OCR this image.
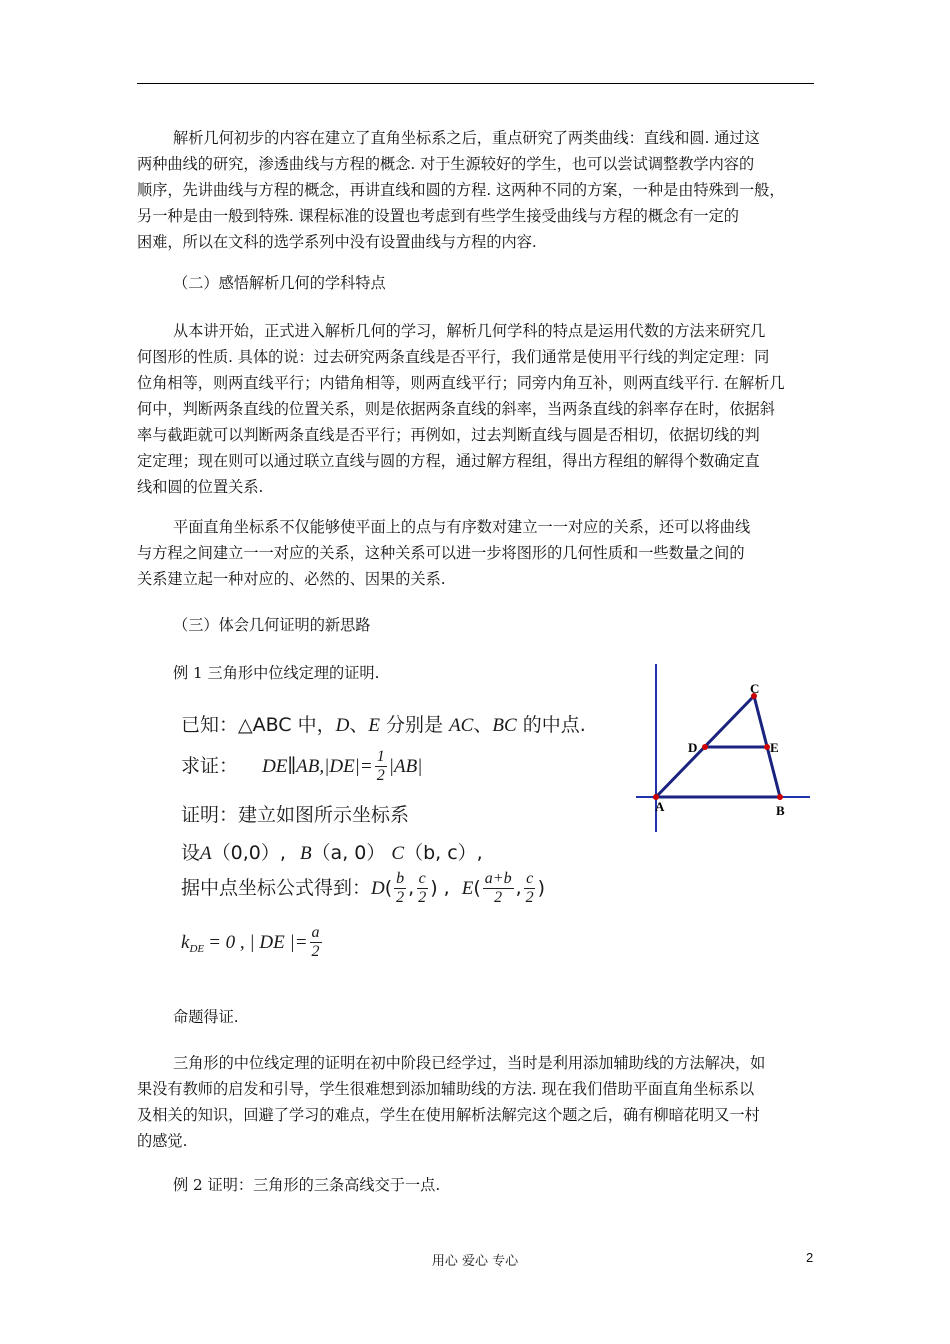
解析几何初步的内容在建立了直角坐标系之后，重点研究了两类曲线：直线和圆. 通过这
两种曲线的研究，渗透曲线与方程的概念. 对于生源较好的学生，也可以尝试调整教学内容的
顺序，先讲曲线与方程的概念，再讲直线和圆的方程. 这两种不同的方案，一种是由特殊到一般，
另一种是由一般到特殊. 课程标准的设置也考虑到有些学生接受曲线与方程的概念有一定的
困难，所以在文科的选学系列中没有设置曲线与方程的内容.
（二）感悟解析几何的学科特点
从本讲开始，正式进入解析几何的学习，解析几何学科的特点是运用代数的方法来研究几
何图形的性质. 具体的说：过去研究两条直线是否平行，我们通常是使用平行线的判定定理：同
位角相等，则两直线平行；内错角相等，则两直线平行；同旁内角互补，则两直线平行. 在解析几
何中，判断两条直线的位置关系，则是依据两条直线的斜率，当两条直线的斜率存在时，依据斜
率与截距就可以判断两条直线是否平行；再例如，过去判断直线与圆是否相切，依据切线的判
定定理；现在则可以通过联立直线与圆的方程，通过解方程组，得出方程组的解得个数确定直
线和圆的位置关系.
平面直角坐标系不仅能够使平面上的点与有序数对建立一一对应的关系，还可以将曲线
与方程之间建立一一对应的关系，这种关系可以进一步将图形的几何性质和一些数量之间的
关系建立起一种对应的、必然的、因果的关系.
（三）体会几何证明的新思路
例 1 三角形中位线定理的证明.
已知：△ABC 中，D、E 分别是 AC、BC 的中点.
求证： DE∥AB,|DE|= $\frac{1}{2} |AB|$
证明：建立如图所示坐标系
设A（0,0）, B（a, 0） C（b, c）,
据中点坐标公式得到：$D( \frac{b}{2}$ , $\frac{c}{2}$ ) , $E( \frac{a+b}{2}$ , $\frac{c}{2}$ )
$k_{DE} = 0$ , | DE |= $\frac{a}{2}$
A	B
C
D	E
命题得证.
三角形的中位线定理的证明在初中阶段已经学过，当时是利用添加辅助线的方法解决，如
果没有教师的启发和引导，学生很难想到添加辅助线的方法. 现在我们借助平面直角坐标系以
及相关的知识，回避了学习的难点，学生在使用解析法解完这个题之后，确有柳暗花明又一村
的感觉.
例 2 证明：三角形的三条高线交于一点.
用心 爱心 专心	2
